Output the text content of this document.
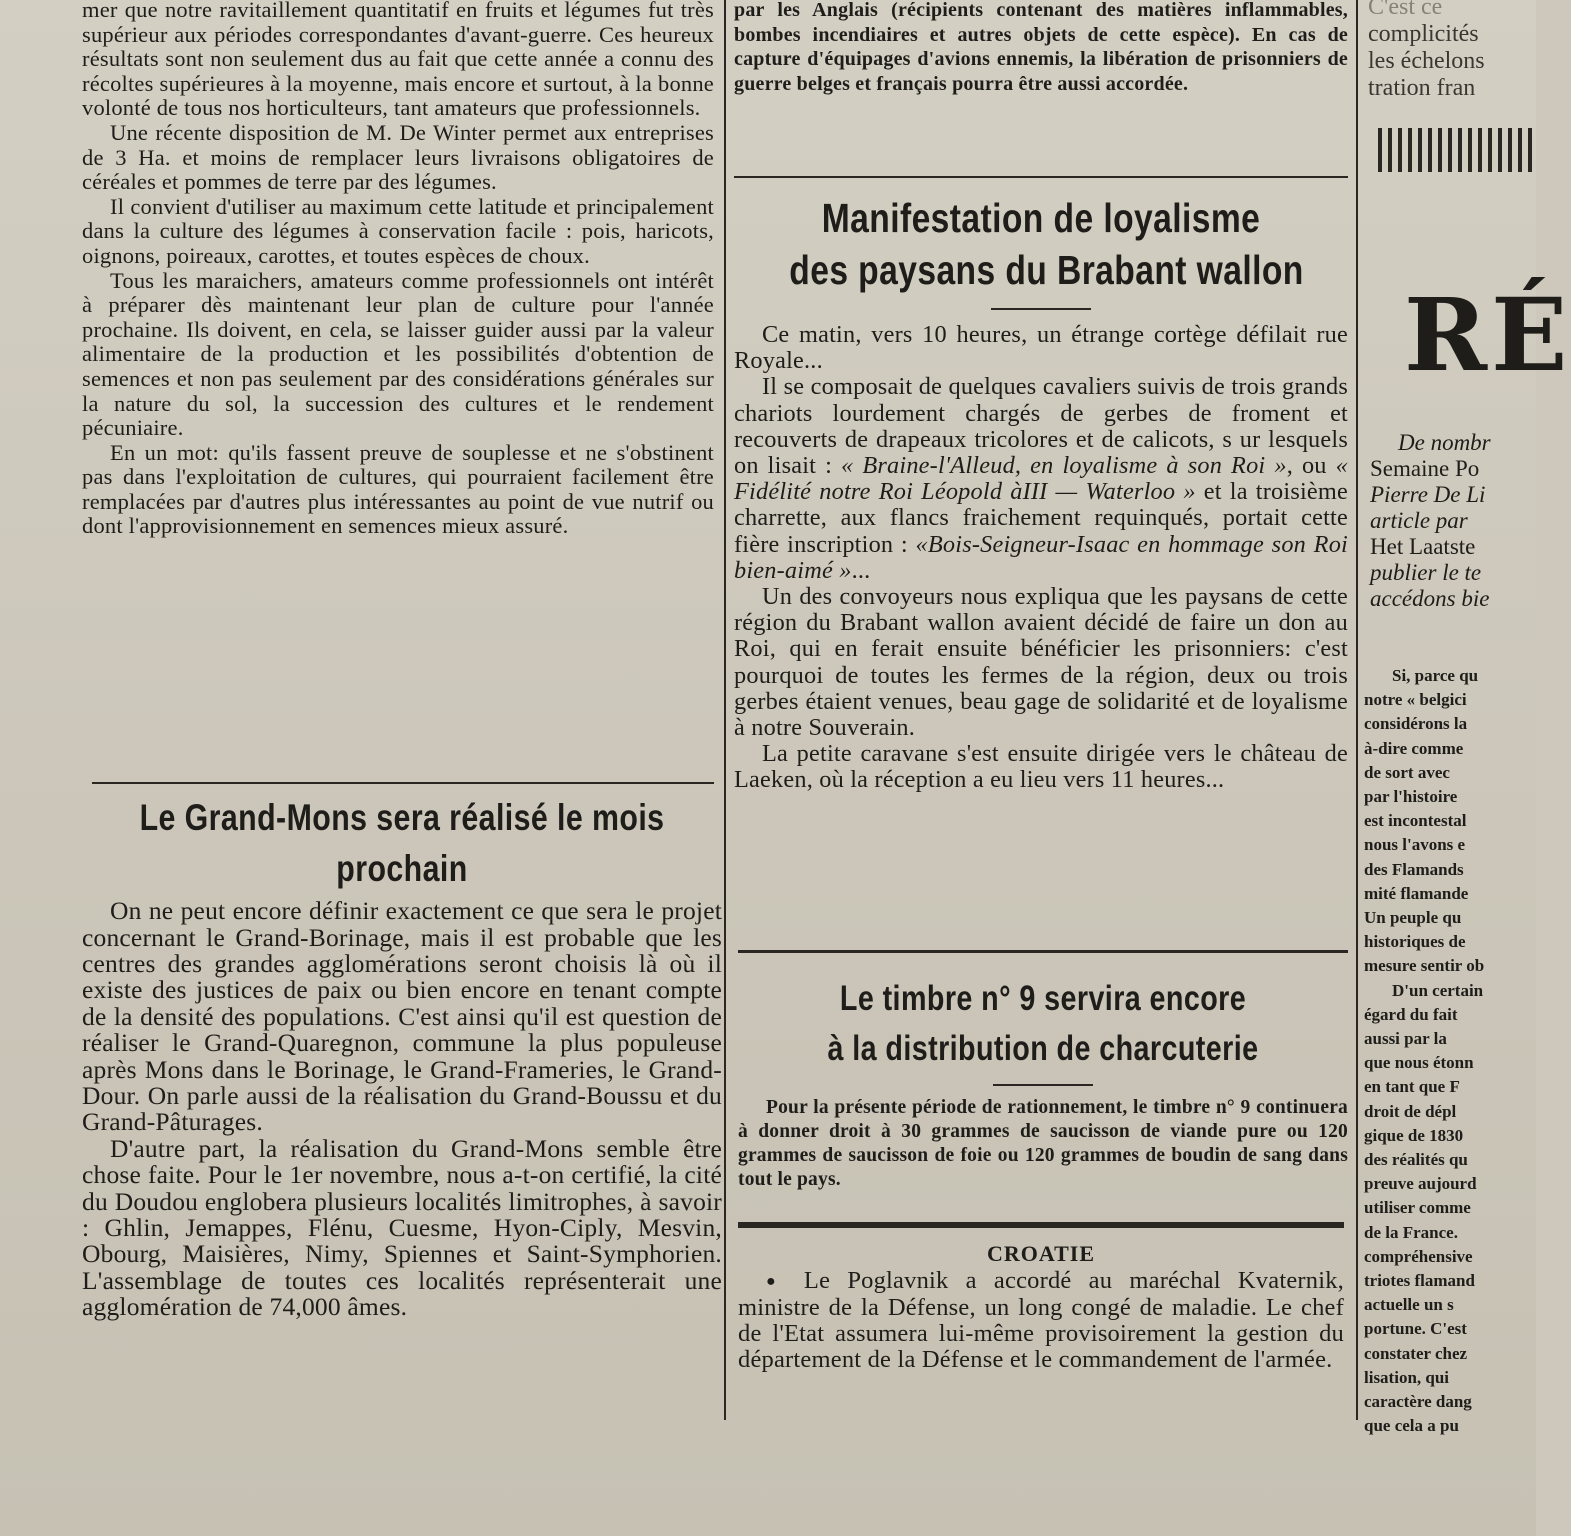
mer que notre ravitaillement quantitatif en fruits et légumes fut très supérieur aux périodes correspondantes d'avant-guerre. Ces heureux résultats sont non seulement dus au fait que cette année a connu des récoltes supérieures à la moyenne, mais encore et surtout, à la bonne volonté de tous nos horticulteurs, tant amateurs que professionnels.

Une récente disposition de M. De Winter permet aux entreprises de 3 Ha. et moins de remplacer leurs livraisons obligatoires de céréales et pommes de terre par des légumes.

Il convient d'utiliser au maximum cette latitude et principalement dans la culture des légumes à conservation facile : pois, haricots, oignons, poireaux, carottes, et toutes espèces de choux.

Tous les maraichers, amateurs comme professionnels ont intérêt à préparer dès maintenant leur plan de culture pour l'année prochaine. Ils doivent, en cela, se laisser guider aussi par la valeur alimentaire de la production et les possibilités d'obtention de semences et non pas seulement par des considérations générales sur la nature du sol, la succession des cultures et le rendement pécuniaire.

En un mot: qu'ils fassent preuve de souplesse et ne s'obstinent pas dans l'exploitation de cultures, qui pourraient facilement être remplacées par d'autres plus intéressantes au point de vue nutrif ou dont l'approvisionnement en semences mieux assuré.

Le Grand-Mons sera réalisé le mois
prochain

On ne peut encore définir exactement ce que sera le projet concernant le Grand-Borinage, mais il est probable que les centres des grandes agglomérations seront choisis là où il existe des justices de paix ou bien encore en tenant compte de la densité des populations. C'est ainsi qu'il est question de réaliser le Grand-Quaregnon, commune la plus populeuse après Mons dans le Borinage, le Grand-Frameries, le Grand-Dour. On parle aussi de la réalisation du Grand-Boussu et du Grand-Pâturages.

D'autre part, la réalisation du Grand-Mons semble être chose faite. Pour le 1er novembre, nous a-t-on certifié, la cité du Doudou englobera plusieurs localités limitrophes, à savoir : Ghlin, Jemappes, Flénu, Cuesme, Hyon-Ciply, Mesvin, Obourg, Maisières, Nimy, Spiennes et Saint-Symphorien. L'assemblage de toutes ces localités représenterait une agglomération de 74,000 âmes.

par les Anglais (récipients contenant des matières inflammables, bombes incendiaires et autres objets de cette espèce). En cas de capture d'équipages d'avions ennemis, la libération de prisonniers de guerre belges et français pourra être aussi accordée.

Manifestation de loyalisme
des paysans du Brabant wallon

Ce matin, vers 10 heures, un étrange cortège défilait rue Royale...

Il se composait de quelques cavaliers suivis de trois grands chariots lourdement chargés de gerbes de froment et recouverts de drapeaux tricolores et de calicots, s ur lesquels on lisait : « Braine-l'Alleud, en loyalisme à son Roi », ou « Fidélité notre Roi Léopold àIII — Waterloo » et la troisième charrette, aux flancs fraichement requinqués, portait cette fière inscription : «Bois-Seigneur-Isaac en hommage son Roi bien-aimé »...

Un des convoyeurs nous expliqua que les paysans de cette région du Brabant wallon avaient décidé de faire un don au Roi, qui en ferait ensuite bénéficier les prisonniers: c'est pourquoi de toutes les fermes de la région, deux ou trois gerbes étaient venues, beau gage de solidarité et de loyalisme à notre Souverain.

La petite caravane s'est ensuite dirigée vers le château de Laeken, où la réception a eu lieu vers 11 heures...

Le timbre n° 9 servira encore
à la distribution de charcuterie

Pour la présente période de rationnement, le timbre n° 9 continuera à donner droit à 30 grammes de saucisson de viande pure ou 120 grammes de saucisson de foie ou 120 grammes de boudin de sang dans tout le pays.

CROATIE

● Le Poglavnik a accordé au maréchal Kvaternik, ministre de la Défense, un long congé de maladie. Le chef de l'Etat assumera lui-même provisoirement la gestion du département de la Défense et le commandement de l'armée.

C'est ce
complicités
les échelons
tration fran
RÉ
De nombr
Semaine Po
Pierre De Li
article par
Het Laatste
publier le te
accédons bie
Si, parce qu
notre « belgici
considérons la
à-dire comme
de sort avec
par l'histoire
est incontestal
nous l'avons e
des Flamands
mité flamande
Un peuple qu
historiques de
mesure sentir ob
D'un certain
égard du fait
aussi par la
que nous étonn
en tant que F
droit de dépl
gique de 1830
des réalités qu
preuve aujourd
utiliser comme
de la France.
compréhensive
triotes flamand
actuelle un s
portune. C'est
constater chez
lisation, qui
caractère dang
que cela a pu
